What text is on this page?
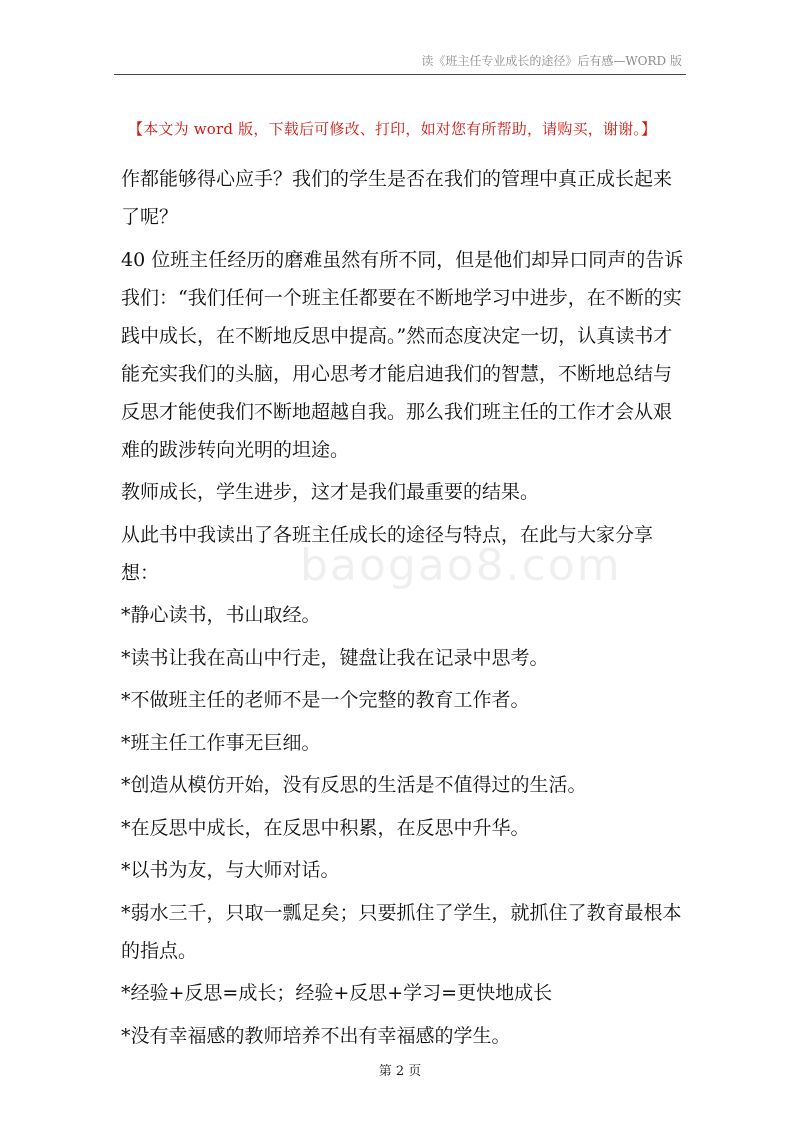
读《班主任专业成长的途径》后有感—WORD 版
【本文为 word 版，下载后可修改、打印，如对您有所帮助，请购买，谢谢。】

作都能够得心应手？我们的学生是否在我们的管理中真正成长起来了呢？

40 位班主任经历的磨难虽然有所不同，但是他们却异口同声的告诉我们：“我们任何一个班主任都要在不断地学习中进步，在不断的实践中成长，在不断地反思中提高。”然而态度决定一切，认真读书才能充实我们的头脑，用心思考才能启迪我们的智慧，不断地总结与反思才能使我们不断地超越自我。那么我们班主任的工作才会从艰难的跋涉转向光明的坦途。

教师成长，学生进步，这才是我们最重要的结果。

从此书中我读出了各班主任成长的途径与特点，在此与大家分享想：

*静心读书，书山取经。

*读书让我在高山中行走，键盘让我在记录中思考。

*不做班主任的老师不是一个完整的教育工作者。

*班主任工作事无巨细。

*创造从模仿开始，没有反思的生活是不值得过的生活。

*在反思中成长，在反思中积累，在反思中升华。

*以书为友，与大师对话。

*弱水三千，只取一瓢足矣；只要抓住了学生，就抓住了教育最根本的指点。

*经验+反思=成长；经验+反思+学习=更快地成长

*没有幸福感的教师培养不出有幸福感的学生。

baogao8.com
第 2 页
